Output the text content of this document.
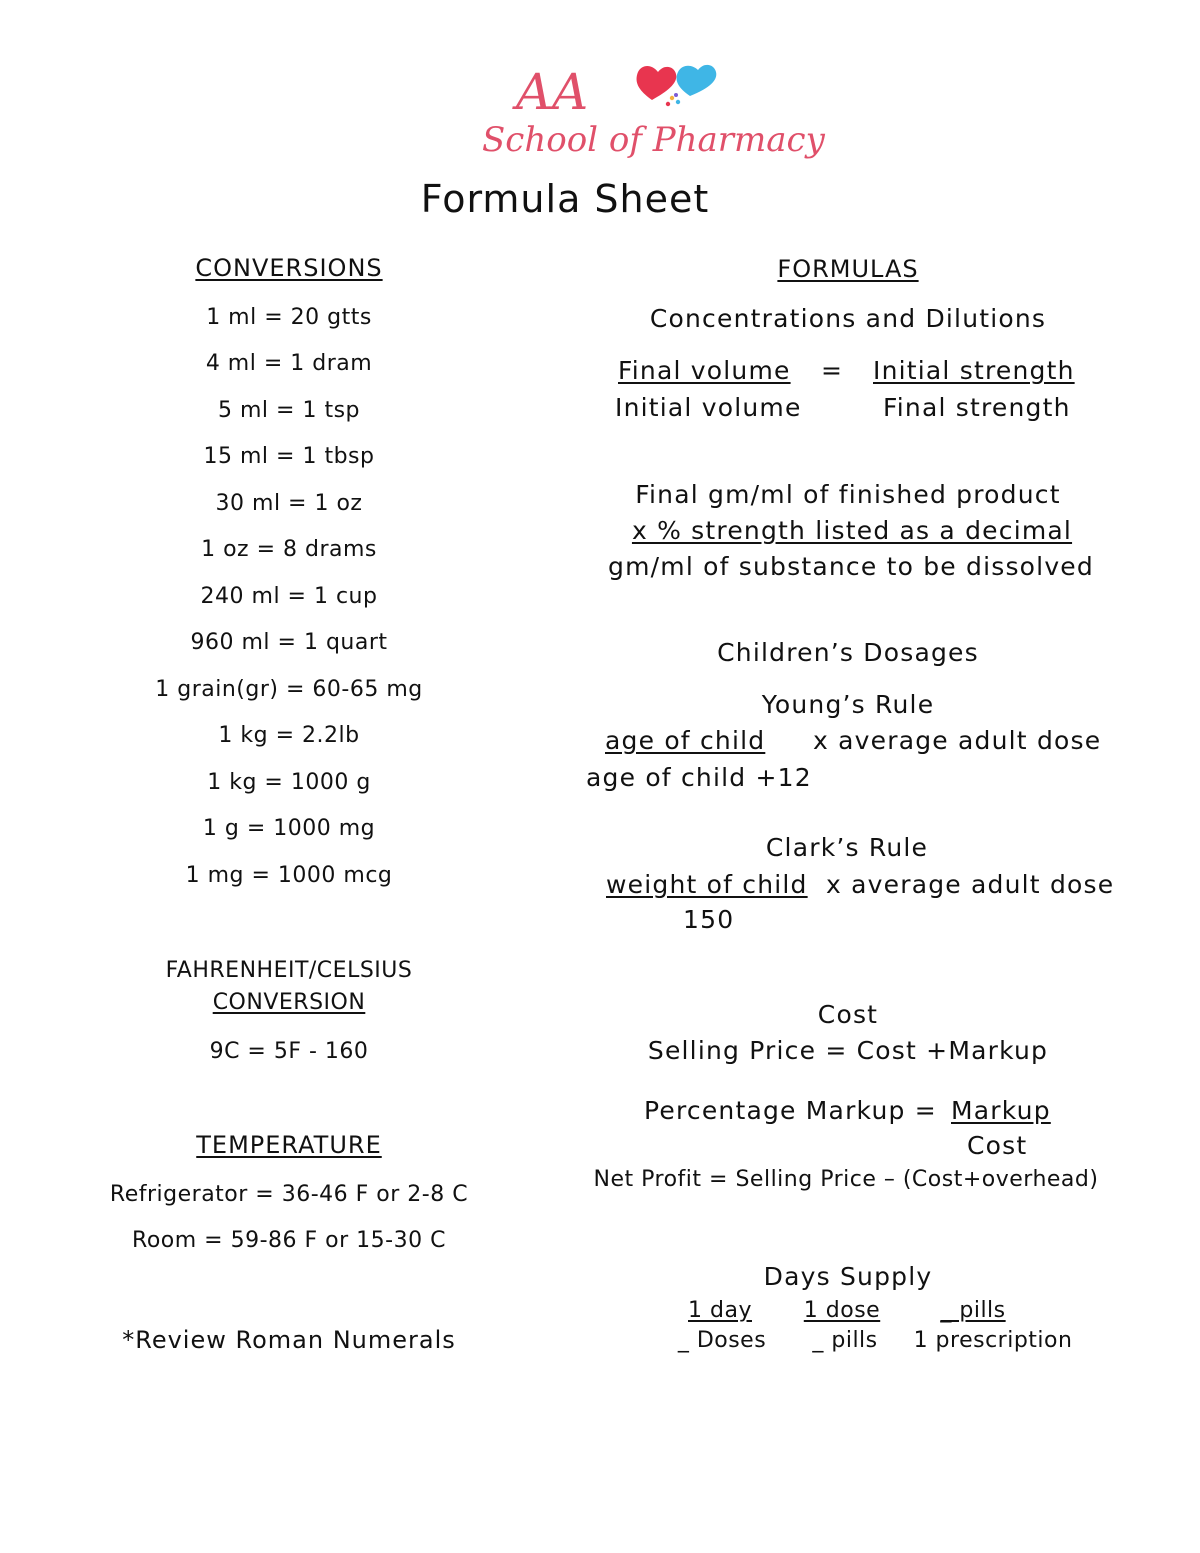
AA
School of Pharmacy
Formula Sheet
CONVERSIONS
1 ml = 20 gtts
4 ml = 1 dram
5 ml = 1 tsp
15 ml = 1 tbsp
30 ml = 1 oz
1 oz = 8 drams
240 ml = 1 cup
960 ml = 1 quart
1 grain(gr) = 60-65 mg
1 kg = 2.2lb
1 kg = 1000 g
1 g = 1000 mg
1 mg = 1000 mcg
FAHRENHEIT/CELSIUS
CONVERSION
9C = 5F - 160
TEMPERATURE
Refrigerator = 36-46 F or 2-8 C
Room = 59-86 F or 15-30 C
*Review Roman Numerals
FORMULAS
Concentrations and Dilutions
Final volume = Initial strength
Initial volume	Final strength
Final gm/ml of finished product
x % strength listed as a decimal
gm/ml of substance to be dissolved
Children’s Dosages
Young’s Rule
age of child x average adult dose
age of child +12
Clark’s Rule
weight of child x average adult dose
150
Cost
Selling Price = Cost +Markup
Percentage Markup = Markup
Cost
Net Profit = Selling Price – (Cost+overhead)
Days Supply
1 day 1 dose	_ pills
_ Doses _ pills 1 prescription
